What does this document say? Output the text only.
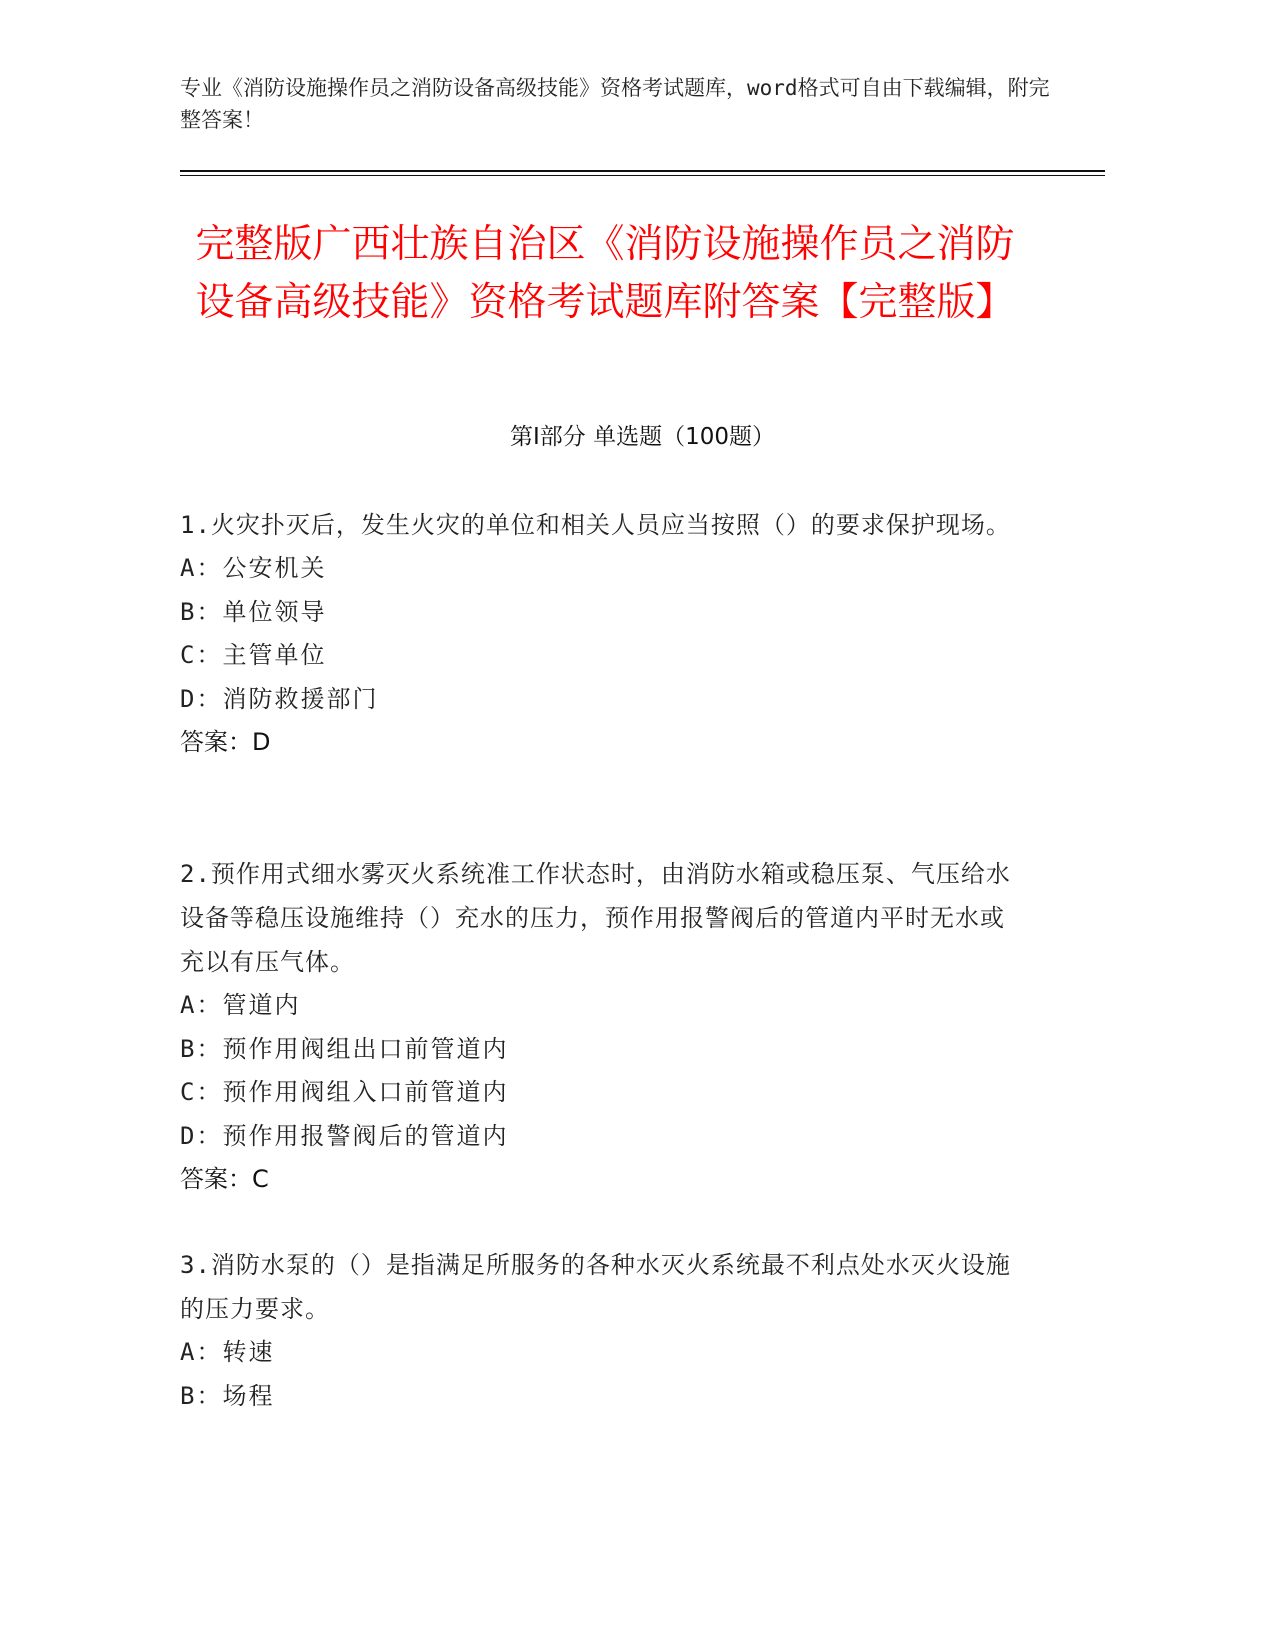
专业《消防设施操作员之消防设备高级技能》资格考试题库，word格式可自由下载编辑，附完整答案！
完整版广西壮族自治区《消防设施操作员之消防设备高级技能》资格考试题库附答案【完整版】
第I部分 单选题（100题）

1.火灾扑灭后，发生火灾的单位和相关人员应当按照（）的要求保护现场。

A：公安机关

B：单位领导

C：主管单位

D：消防救援部门

答案：D

2.预作用式细水雾灭火系统准工作状态时，由消防水箱或稳压泵、气压给水设备等稳压设施维持（）充水的压力，预作用报警阀后的管道内平时无水或充以有压气体。

A：管道内

B：预作用阀组出口前管道内

C：预作用阀组入口前管道内

D：预作用报警阀后的管道内

答案：C

3.消防水泵的（）是指满足所服务的各种水灭火系统最不利点处水灭火设施的压力要求。

A：转速

B：场程
